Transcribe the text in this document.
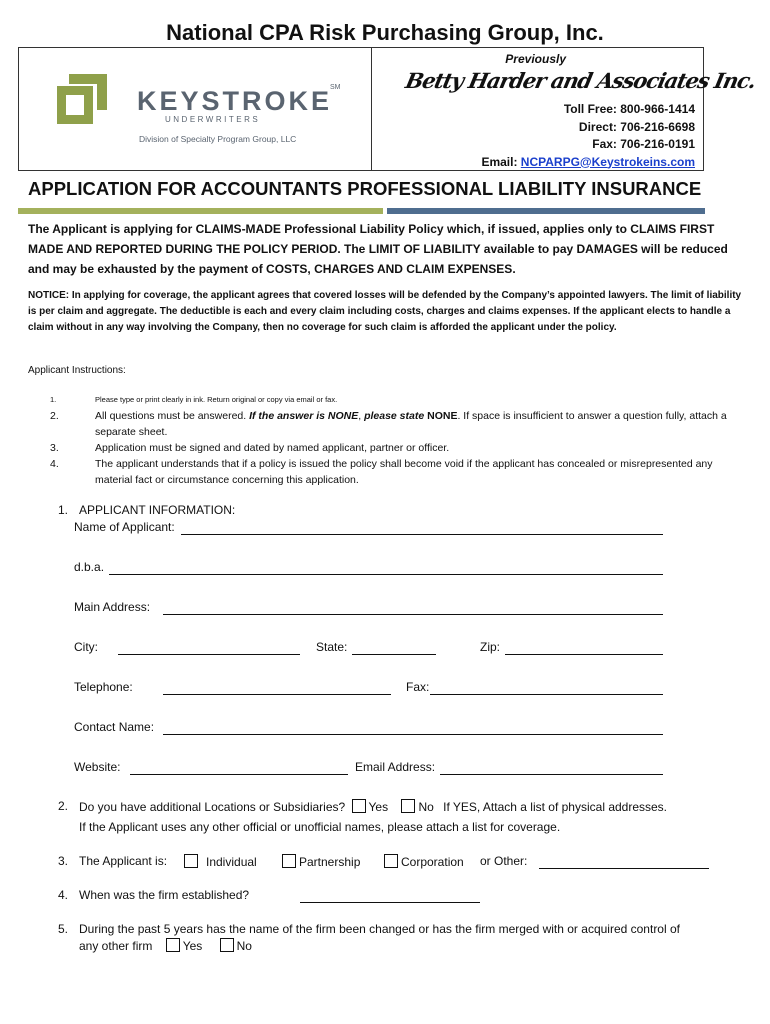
National CPA Risk Purchasing Group, Inc.
KEYSTROKE
SM
UNDERWRITERS
Division of Specialty Program Group, LLC
Previously
Betty Harder and Associates Inc.
Toll Free: 800-966-1414
Direct: 706-216-6698
Fax: 706-216-0191
Email: NCPARPG@Keystrokeins.com
APPLICATION FOR ACCOUNTANTS PROFESSIONAL LIABILITY INSURANCE
The Applicant is applying for CLAIMS-MADE Professional Liability Policy which, if issued, applies only to CLAIMS FIRST MADE AND REPORTED DURING THE POLICY PERIOD. The LIMIT OF LIABILITY available to pay DAMAGES will be reduced and may be exhausted by the payment of COSTS, CHARGES AND CLAIM EXPENSES.
NOTICE: In applying for coverage, the applicant agrees that covered losses will be defended by the Company’s appointed lawyers. The limit of liability is per claim and aggregate. The deductible is each and every claim including costs, charges and claims expenses. If the applicant elects to handle a claim without in any way involving the Company, then no coverage for such claim is afforded the applicant under the policy.
Applicant Instructions:
1.	Please type or print clearly in ink. Return original or copy via email or fax.
2.	All questions must be answered. If the answer is NONE, please state NONE. If space is insufficient to answer a question fully, attach a separate sheet.
3.	Application must be signed and dated by named applicant, partner or officer.
4.	The applicant understands that if a policy is issued the policy shall become void if the applicant has concealed or misrepresented any material fact or circumstance concerning this application.
1. APPLICANT INFORMATION:
Name of Applicant:
d.b.a.
Main Address:
City:	State:	Zip:
Telephone:	Fax:
Contact Name:
Website:	Email Address:
2. Do you have additional Locations or Subsidiaries? Yes	No If YES, Attach a list of physical addresses.
If the Applicant uses any other official or unofficial names, please attach a list for coverage.
3. The Applicant is:	Individual	Partnership	Corporation or Other:
4. When was the firm established?
5. During the past 5 years has the name of the firm been changed or has the firm merged with or acquired control of
any other firm	Yes	No
